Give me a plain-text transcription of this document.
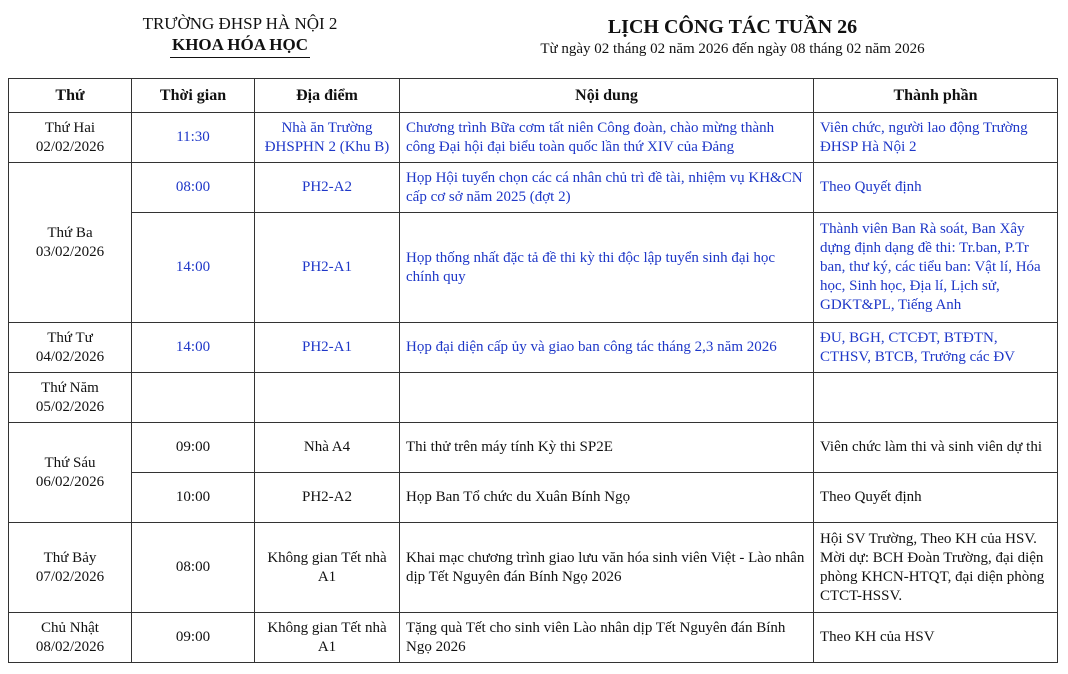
TRƯỜNG ĐHSP HÀ NỘI 2
KHOA HÓA HỌC
LỊCH CÔNG TÁC TUẦN 26
Từ ngày 02 tháng 02 năm 2026 đến ngày 08 tháng 02 năm 2026
Thứ	Thời gian	Địa điểm	Nội dung	Thành phần

Thứ Hai
02/02/2026	11:30	Nhà ăn Trường ĐHSPHN 2 (Khu B)	Chương trình Bữa cơm tất niên Công đoàn, chào mừng thành công Đại hội đại biểu toàn quốc lần thứ XIV của Đảng	Viên chức, người lao động Trường ĐHSP Hà Nội 2

Thứ Ba
03/02/2026	08:00	PH2-A2	Họp Hội tuyển chọn các cá nhân chủ trì đề tài, nhiệm vụ KH&CN cấp cơ sở năm 2025 (đợt 2)	Theo Quyết định
	14:00	PH2-A1	Họp thống nhất đặc tả đề thi kỳ thi độc lập tuyển sinh đại học chính quy	Thành viên Ban Rà soát, Ban Xây dựng định dạng đề thi: Tr.ban, P.Tr ban, thư ký, các tiểu ban: Vật lí, Hóa học, Sinh học, Địa lí, Lịch sử, GDKT&PL, Tiếng Anh

Thứ Tư
04/02/2026	14:00	PH2-A1	Họp đại diện cấp ủy và giao ban công tác tháng 2,3 năm 2026	ĐU, BGH, CTCĐT, BTĐTN, CTHSV, BTCB, Trưởng các ĐV

Thứ Năm
05/02/2026				

Thứ Sáu
06/02/2026	09:00	Nhà A4	Thi thử trên máy tính Kỳ thi SP2E	Viên chức làm thi và sinh viên dự thi
	10:00	PH2-A2	Họp Ban Tổ chức du Xuân Bính Ngọ	Theo Quyết định

Thứ Bảy
07/02/2026	08:00	Không gian Tết nhà A1	Khai mạc chương trình giao lưu văn hóa sinh viên Việt - Lào nhân dịp Tết Nguyên đán Bính Ngọ 2026	Hội SV Trường, Theo KH của HSV. Mời dự: BCH Đoàn Trường, đại diện phòng KHCN-HTQT, đại diện phòng CTCT-HSSV.

Chủ Nhật
08/02/2026	09:00	Không gian Tết nhà A1	Tặng quà Tết cho sinh viên Lào nhân dịp Tết Nguyên đán Bính Ngọ 2026	Theo KH của HSV
